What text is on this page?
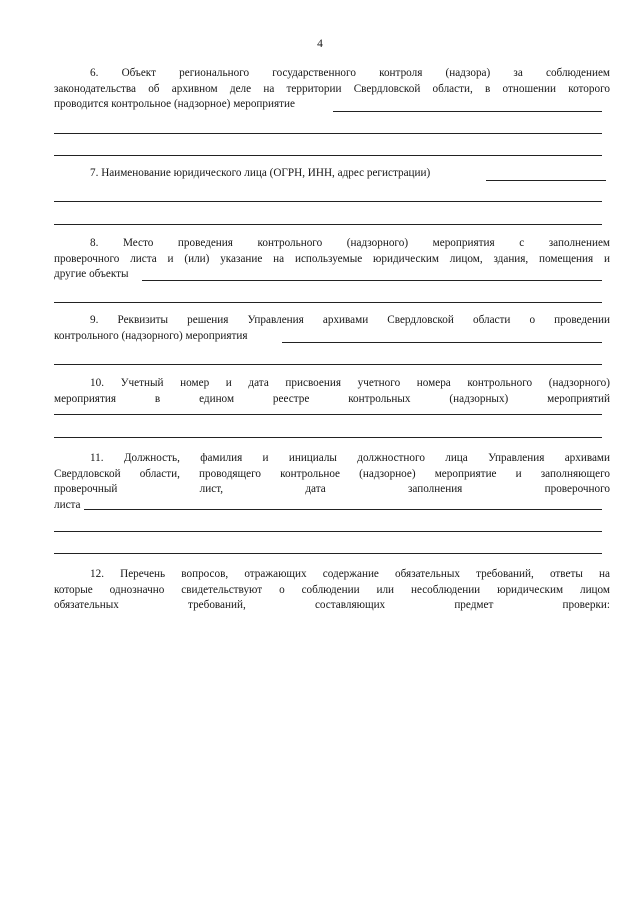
4
6. Объект регионального государственного контроля (надзора) за соблюдением
законодательства об архивном деле на территории Свердловской области, в отношении которого
проводится контрольное (надзорное) мероприятие
7. Наименование юридического лица (ОГРН, ИНН, адрес регистрации)
8. Место проведения контрольного (надзорного) мероприятия с заполнением
проверочного листа и (или) указание на используемые юридическим лицом, здания, помещения и
другие объекты
9. Реквизиты решения Управления архивами Свердловской области о проведении
контрольного (надзорного) мероприятия
10. Учетный номер и дата присвоения учетного номера контрольного (надзорного)
мероприятия в едином реестре контрольных (надзорных) мероприятий
11. Должность, фамилия и инициалы должностного лица Управления архивами
Свердловской области, проводящего контрольное (надзорное) мероприятие и заполняющего
проверочный лист, дата заполнения проверочного
листа
12. Перечень вопросов, отражающих содержание обязательных требований, ответы на
которые однозначно свидетельствуют о соблюдении или несоблюдении юридическим лицом
обязательных требований, составляющих предмет проверки:
